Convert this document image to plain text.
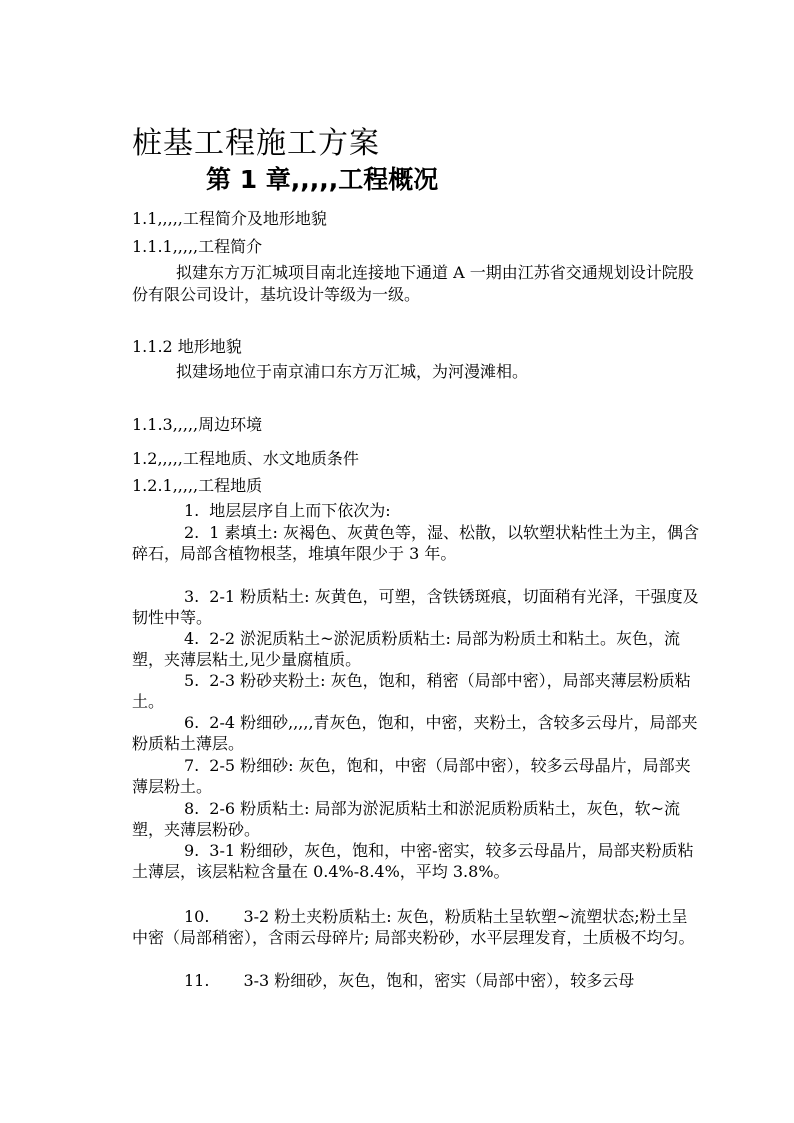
桩基工程施工方案
第 1 章,,,,,工程概况
1.1,,,,,工程简介及地形地貌
1.1.1,,,,,工程简介
拟建东方万汇城项目南北连接地下通道 A 一期由江苏省交通规划设计院股份有限公司设计，基坑设计等级为一级。
1.1.2 地形地貌
拟建场地位于南京浦口东方万汇城，为河漫滩相。
1.1.3,,,,,周边环境
1.2,,,,,工程地质、水文地质条件
1.2.1,,,,,工程地质
1. 地层层序自上而下依次为:
2. 1 素填土: 灰褐色、灰黄色等，湿、松散，以软塑状粘性土为主，偶含碎石，局部含植物根茎，堆填年限少于 3 年。
3. 2-1 粉质粘土: 灰黄色，可塑，含铁锈斑痕，切面稍有光泽，干强度及韧性中等。
4. 2-2 淤泥质粘土~淤泥质粉质粘土: 局部为粉质土和粘土。灰色，流塑，夹薄层粘土,见少量腐植质。
5. 2-3 粉砂夹粉土: 灰色，饱和，稍密（局部中密），局部夹薄层粉质粘土。
6. 2-4 粉细砂,,,,,青灰色，饱和，中密，夹粉土，含较多云母片，局部夹粉质粘土薄层。
7. 2-5 粉细砂: 灰色，饱和，中密（局部中密），较多云母晶片，局部夹薄层粉土。
8. 2-6 粉质粘土: 局部为淤泥质粘土和淤泥质粉质粘土，灰色，软~流塑，夹薄层粉砂。
9. 3-1 粉细砂，灰色，饱和，中密-密实，较多云母晶片，局部夹粉质粘土薄层，该层粘粒含量在 0.4%-8.4%，平均 3.8%。
10. 3-2 粉土夹粉质粘土: 灰色，粉质粘土呈软塑~流塑状态;粉土呈中密（局部稍密），含雨云母碎片; 局部夹粉砂，水平层理发育，土质极不均匀。
11. 3-3 粉细砂，灰色，饱和，密实（局部中密），较多云母
